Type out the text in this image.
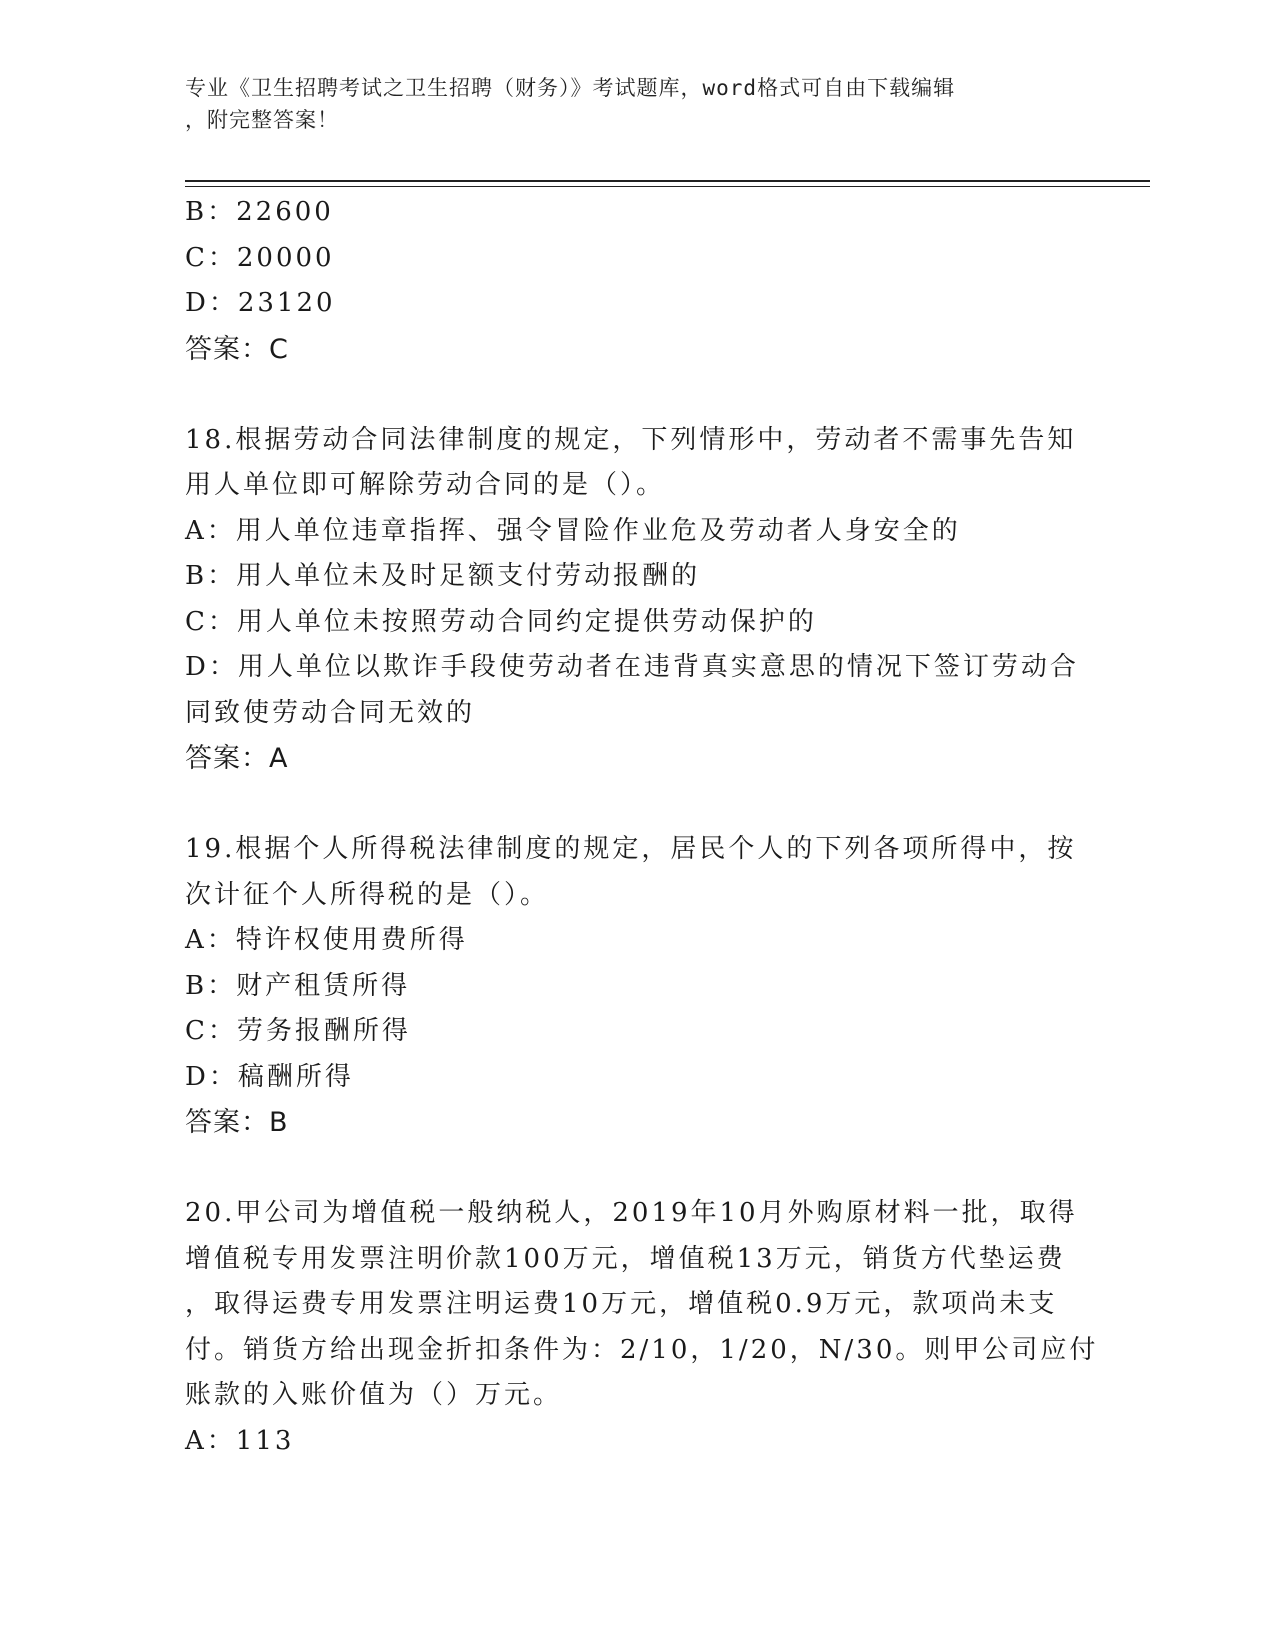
专业《卫生招聘考试之卫生招聘（财务）》考试题库，word格式可自由下载编辑
，附完整答案！
B：22600
C：20000
D：23120
答案：C
18.根据劳动合同法律制度的规定，下列情形中，劳动者不需事先告知
用人单位即可解除劳动合同的是（）。
A：用人单位违章指挥、强令冒险作业危及劳动者人身安全的
B：用人单位未及时足额支付劳动报酬的
C：用人单位未按照劳动合同约定提供劳动保护的
D：用人单位以欺诈手段使劳动者在违背真实意思的情况下签订劳动合
同致使劳动合同无效的
答案：A
19.根据个人所得税法律制度的规定，居民个人的下列各项所得中，按
次计征个人所得税的是（）。
A：特许权使用费所得
B：财产租赁所得
C：劳务报酬所得
D：稿酬所得
答案：B
20.甲公司为增值税一般纳税人，2019年10月外购原材料一批，取得
增值税专用发票注明价款100万元，增值税13万元，销货方代垫运费
，取得运费专用发票注明运费10万元，增值税0.9万元，款项尚未支
付。销货方给出现金折扣条件为：2/10，1/20，N/30。则甲公司应付
账款的入账价值为（）万元。
A：113
